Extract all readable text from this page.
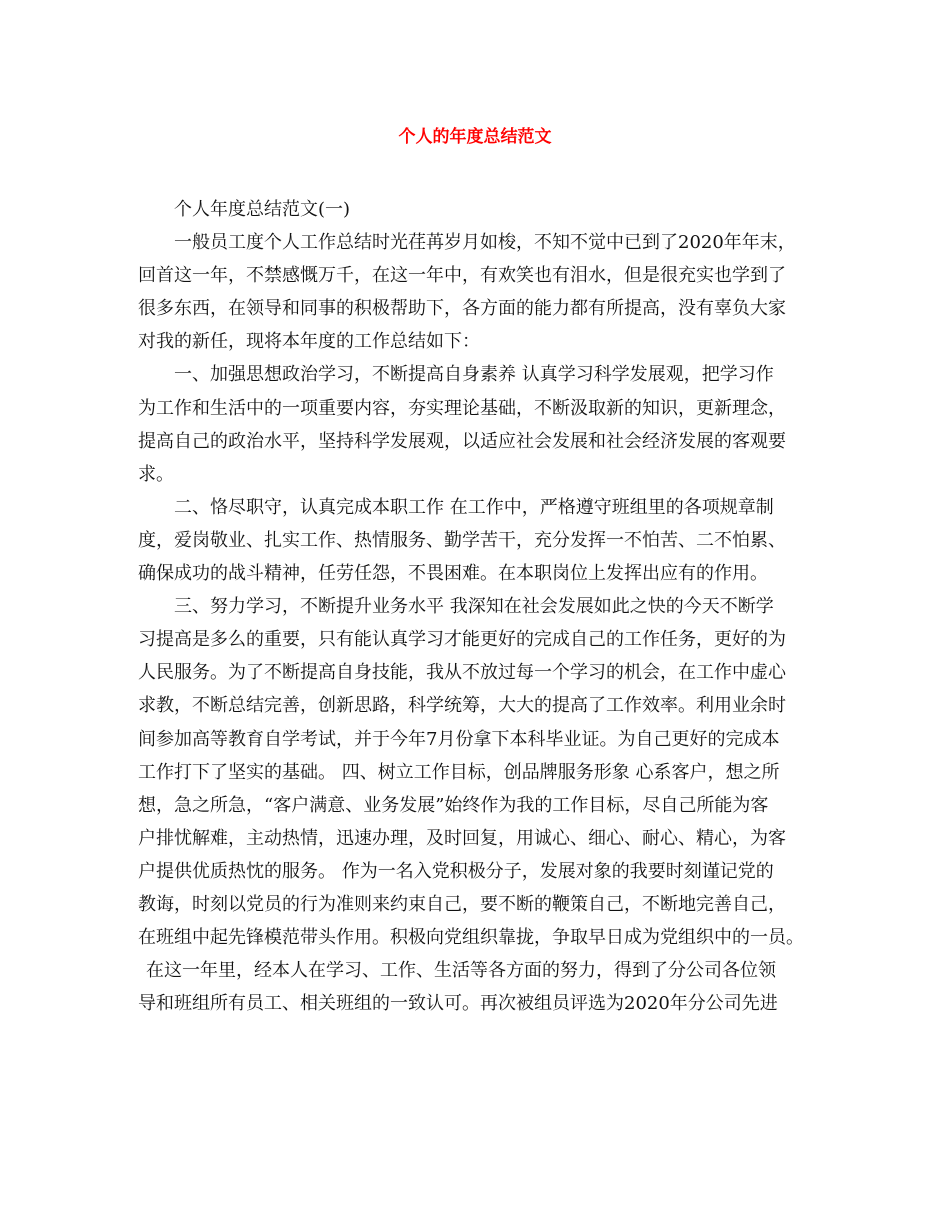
个人的年度总结范文
个人年度总结范文(一)
一般员工度个人工作总结时光荏苒岁月如梭，不知不觉中已到了2020年年末，
回首这一年，不禁感慨万千，在这一年中，有欢笑也有泪水，但是很充实也学到了
很多东西，在领导和同事的积极帮助下，各方面的能力都有所提高，没有辜负大家
对我的新任，现将本年度的工作总结如下：
一、加强思想政治学习，不断提高自身素养 认真学习科学发展观，把学习作
为工作和生活中的一项重要内容，夯实理论基础，不断汲取新的知识，更新理念，
提高自己的政治水平，坚持科学发展观，以适应社会发展和社会经济发展的客观要
求。
二、恪尽职守，认真完成本职工作 在工作中，严格遵守班组里的各项规章制
度，爱岗敬业、扎实工作、热情服务、勤学苦干，充分发挥一不怕苦、二不怕累、
确保成功的战斗精神，任劳任怨，不畏困难。在本职岗位上发挥出应有的作用。
三、努力学习，不断提升业务水平 我深知在社会发展如此之快的今天不断学
习提高是多么的重要，只有能认真学习才能更好的完成自己的工作任务，更好的为
人民服务。为了不断提高自身技能，我从不放过每一个学习的机会，在工作中虚心
求教，不断总结完善，创新思路，科学统筹，大大的提高了工作效率。利用业余时
间参加高等教育自学考试，并于今年7月份拿下本科毕业证。为自己更好的完成本
工作打下了坚实的基础。 四、树立工作目标，创品牌服务形象 心系客户，想之所
想，急之所急，“客户满意、业务发展”始终作为我的工作目标，尽自己所能为客
户排忧解难，主动热情，迅速办理，及时回复，用诚心、细心、耐心、精心，为客
户提供优质热忱的服务。 作为一名入党积极分子，发展对象的我要时刻谨记党的
教诲，时刻以党员的行为准则来约束自己，要不断的鞭策自己，不断地完善自己，
在班组中起先锋模范带头作用。积极向党组织靠拢，争取早日成为党组织中的一员。
在这一年里，经本人在学习、工作、生活等各方面的努力，得到了分公司各位领
导和班组所有员工、相关班组的一致认可。再次被组员评选为2020年分公司先进
